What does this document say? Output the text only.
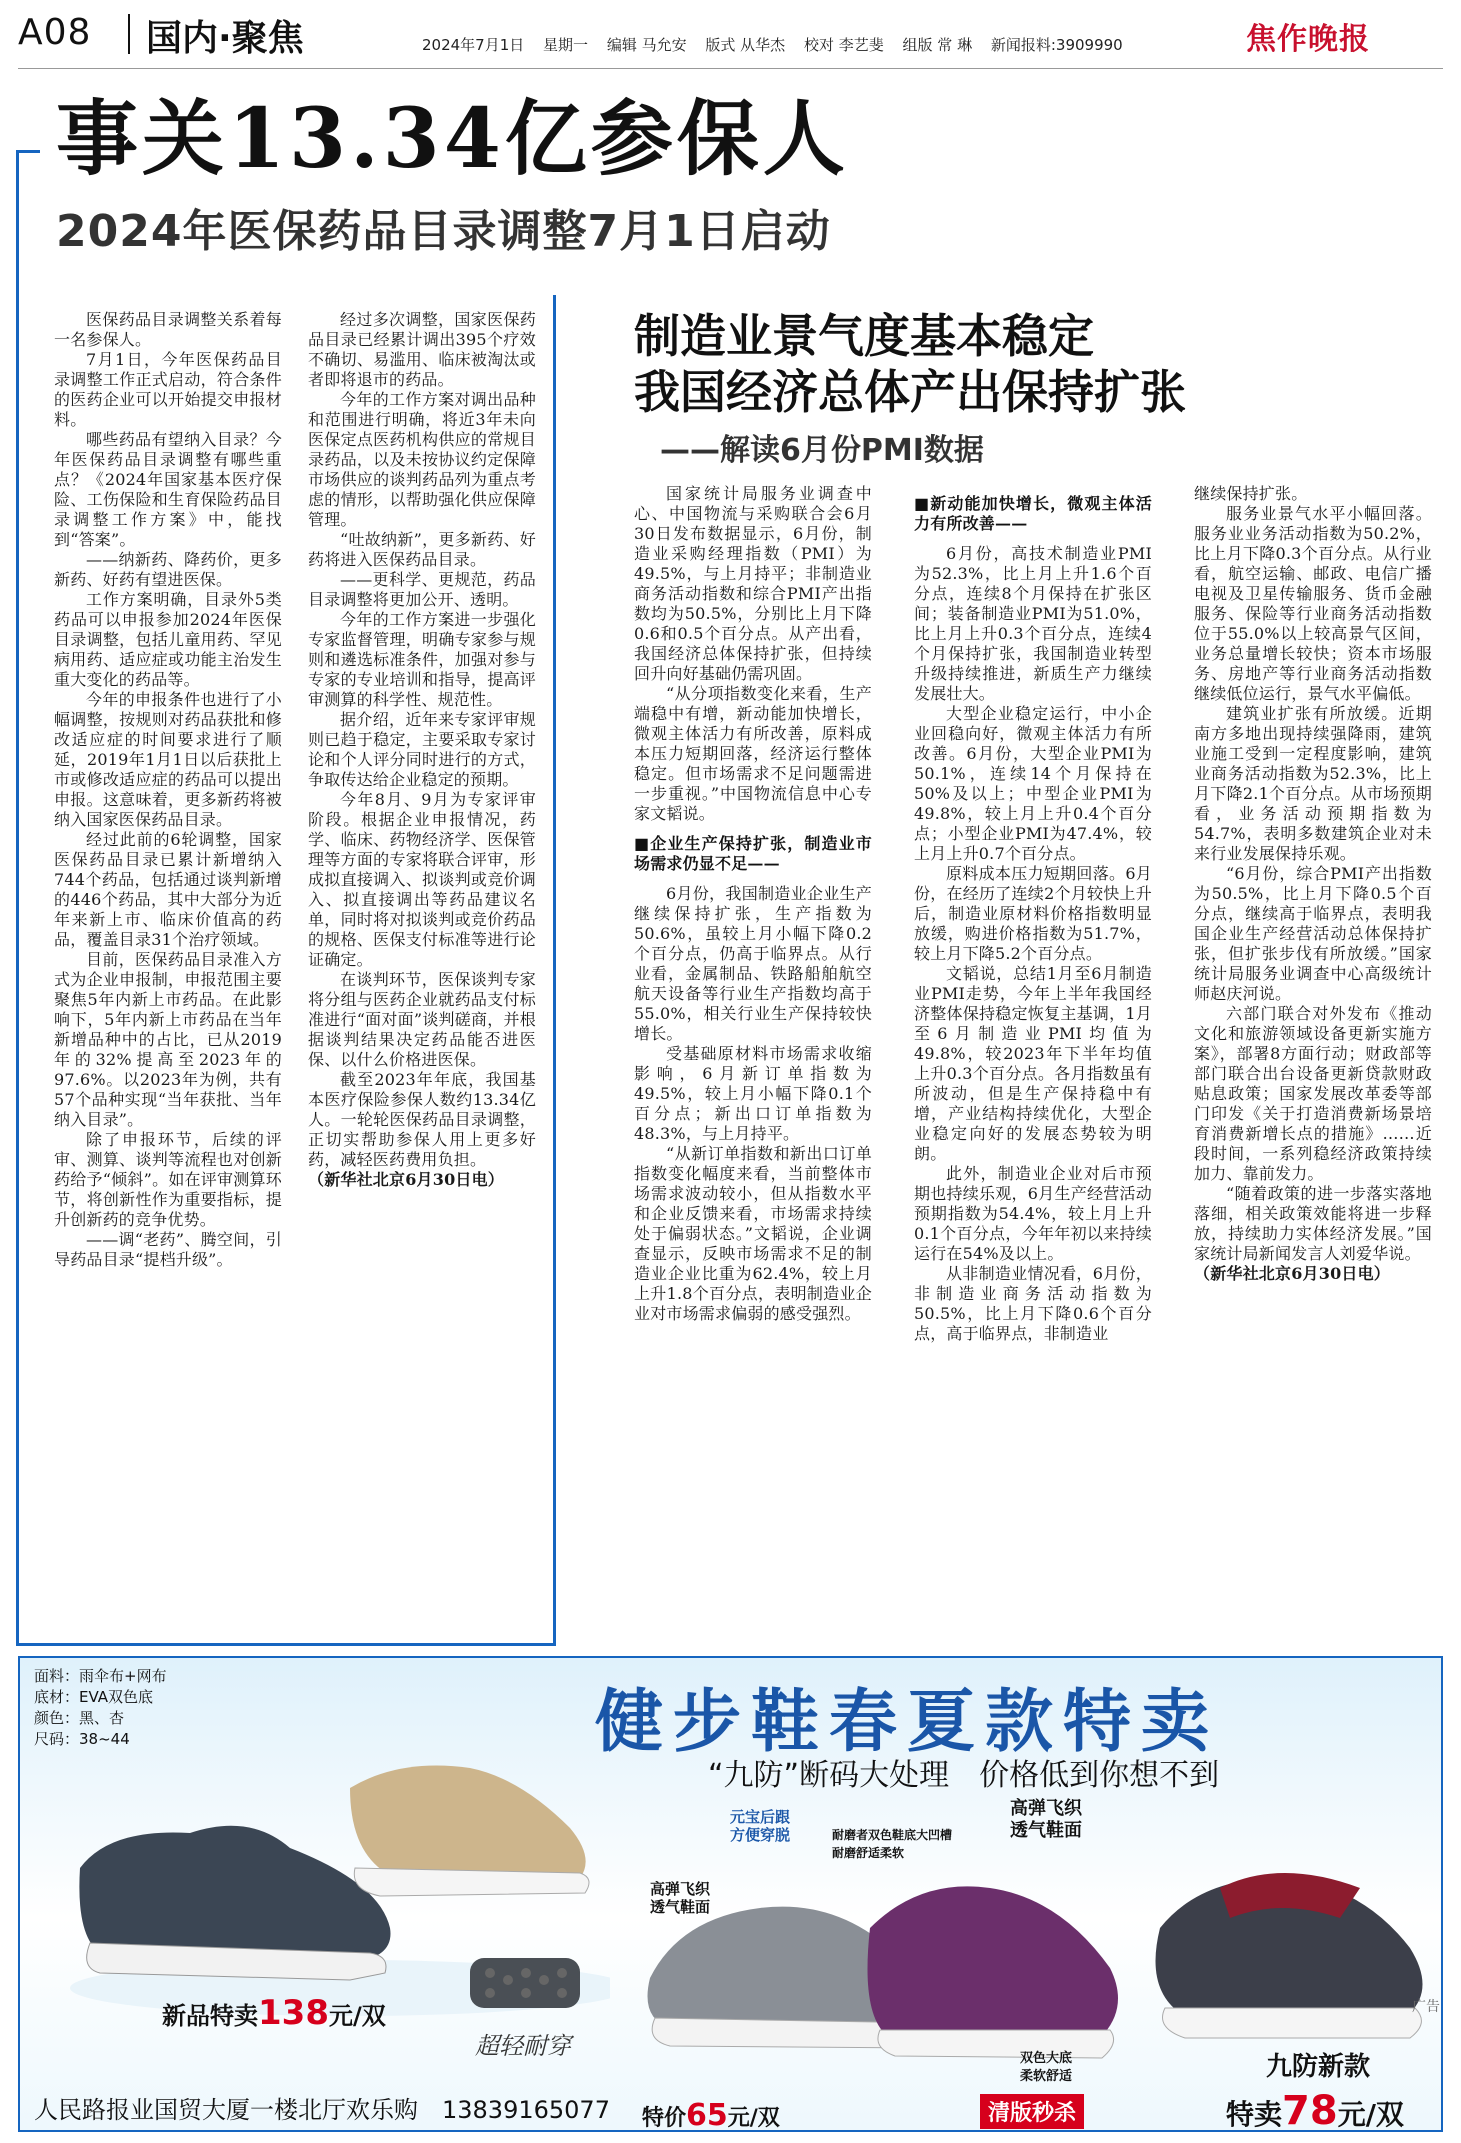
A08 国内·聚焦	2024年7月1日 星期一 编辑 马允安 版式 从华杰 校对 李艺斐 组版 常 琳 新闻报料:3909990	焦作晚报
事关13.34亿参保人
2024年医保药品目录调整7月1日启动

医保药品目录调整关系着每一名参保人。

7月1日，今年医保药品目录调整工作正式启动，符合条件的医药企业可以开始提交申报材料。

哪些药品有望纳入目录？今年医保药品目录调整有哪些重点？《2024年国家基本医疗保险、工伤保险和生育保险药品目录调整工作方案》中，能找到“答案”。

——纳新药、降药价，更多新药、好药有望进医保。

工作方案明确，目录外5类药品可以申报参加2024年医保目录调整，包括儿童用药、罕见病用药、适应症或功能主治发生重大变化的药品等。

今年的申报条件也进行了小幅调整，按规则对药品获批和修改适应症的时间要求进行了顺延，2019年1月1日以后获批上市或修改适应症的药品可以提出申报。这意味着，更多新药将被纳入国家医保药品目录。

经过此前的6轮调整，国家医保药品目录已累计新增纳入744个药品，包括通过谈判新增的446个药品，其中大部分为近年来新上市、临床价值高的药品，覆盖目录31个治疗领域。

目前，医保药品目录准入方式为企业申报制，申报范围主要聚焦5年内新上市药品。在此影响下，5年内新上市药品在当年新增品种中的占比，已从2019年的32%提高至2023年的97.6%。以2023年为例，共有57个品种实现“当年获批、当年纳入目录”。

除了申报环节，后续的评审、测算、谈判等流程也对创新药给予“倾斜”。如在评审测算环节，将创新性作为重要指标，提升创新药的竞争优势。

——调“老药”、腾空间，引导药品目录“提档升级”。

经过多次调整，国家医保药品目录已经累计调出395个疗效不确切、易滥用、临床被淘汰或者即将退市的药品。

今年的工作方案对调出品种和范围进行明确，将近3年未向医保定点医药机构供应的常规目录药品，以及未按协议约定保障市场供应的谈判药品列为重点考虑的情形，以帮助强化供应保障管理。

“吐故纳新”，更多新药、好药将进入医保药品目录。

——更科学、更规范，药品目录调整将更加公开、透明。

今年的工作方案进一步强化专家监督管理，明确专家参与规则和遴选标准条件，加强对参与专家的专业培训和指导，提高评审测算的科学性、规范性。

据介绍，近年来专家评审规则已趋于稳定，主要采取专家讨论和个人评分同时进行的方式，争取传达给企业稳定的预期。

今年8月、9月为专家评审阶段。根据企业申报情况，药学、临床、药物经济学、医保管理等方面的专家将联合评审，形成拟直接调入、拟谈判或竞价调入、拟直接调出等药品建议名单，同时将对拟谈判或竞价药品的规格、医保支付标准等进行论证确定。

在谈判环节，医保谈判专家将分组与医药企业就药品支付标准进行“面对面”谈判磋商，并根据谈判结果决定药品能否进医保、以什么价格进医保。

截至2023年年底，我国基本医疗保险参保人数约13.34亿人。一轮轮医保药品目录调整，正切实帮助参保人用上更多好药，减轻医药费用负担。

（新华社北京6月30日电）

制造业景气度基本稳定
我国经济总体产出保持扩张
——解读6月份PMI数据

国家统计局服务业调查中心、中国物流与采购联合会6月30日发布数据显示，6月份，制造业采购经理指数（PMI）为49.5%，与上月持平；非制造业商务活动指数和综合PMI产出指数均为50.5%，分别比上月下降0.6和0.5个百分点。从产出看，我国经济总体保持扩张，但持续回升向好基础仍需巩固。

“从分项指数变化来看，生产端稳中有增，新动能加快增长，微观主体活力有所改善，原料成本压力短期回落，经济运行整体稳定。但市场需求不足问题需进一步重视。”中国物流信息中心专家文韬说。

■企业生产保持扩张，制造业市场需求仍显不足——

6月份，我国制造业企业生产继续保持扩张，生产指数为50.6%，虽较上月小幅下降0.2个百分点，仍高于临界点。从行业看，金属制品、铁路船舶航空航天设备等行业生产指数均高于55.0%，相关行业生产保持较快增长。

受基础原材料市场需求收缩影响，6月新订单指数为49.5%，较上月小幅下降0.1个百分点；新出口订单指数为48.3%，与上月持平。

“从新订单指数和新出口订单指数变化幅度来看，当前整体市场需求波动较小，但从指数水平和企业反馈来看，市场需求持续处于偏弱状态。”文韬说，企业调查显示，反映市场需求不足的制造业企业比重为62.4%，较上月上升1.8个百分点，表明制造业企业对市场需求偏弱的感受强烈。

■新动能加快增长，微观主体活力有所改善——

6月份，高技术制造业PMI为52.3%，比上月上升1.6个百分点，连续8个月保持在扩张区间；装备制造业PMI为51.0%，比上月上升0.3个百分点，连续4个月保持扩张，我国制造业转型升级持续推进，新质生产力继续发展壮大。

大型企业稳定运行，中小企业回稳向好，微观主体活力有所改善。6月份，大型企业PMI为50.1%，连续14个月保持在50%及以上；中型企业PMI为49.8%，较上月上升0.4个百分点；小型企业PMI为47.4%，较上月上升0.7个百分点。

原料成本压力短期回落。6月份，在经历了连续2个月较快上升后，制造业原材料价格指数明显放缓，购进价格指数为51.7%，较上月下降5.2个百分点。

文韬说，总结1月至6月制造业PMI走势，今年上半年我国经济整体保持稳定恢复主基调，1月至6月制造业PMI均值为49.8%，较2023年下半年均值上升0.3个百分点。各月指数虽有所波动，但是生产保持稳中有增，产业结构持续优化，大型企业稳定向好的发展态势较为明朗。

此外，制造业企业对后市预期也持续乐观，6月生产经营活动预期指数为54.4%，较上月上升0.1个百分点，今年年初以来持续运行在54%及以上。

从非制造业情况看，6月份，非制造业商务活动指数为50.5%，比上月下降0.6个百分点，高于临界点，非制造业

继续保持扩张。

服务业景气水平小幅回落。服务业业务活动指数为50.2%，比上月下降0.3个百分点。从行业看，航空运输、邮政、电信广播电视及卫星传输服务、货币金融服务、保险等行业商务活动指数位于55.0%以上较高景气区间，业务总量增长较快；资本市场服务、房地产等行业商务活动指数继续低位运行，景气水平偏低。

建筑业扩张有所放缓。近期南方多地出现持续强降雨，建筑业施工受到一定程度影响，建筑业商务活动指数为52.3%，比上月下降2.1个百分点。从市场预期看，业务活动预期指数为54.7%，表明多数建筑企业对未来行业发展保持乐观。

“6月份，综合PMI产出指数为50.5%，比上月下降0.5个百分点，继续高于临界点，表明我国企业生产经营活动总体保持扩张，但扩张步伐有所放缓。”国家统计局服务业调查中心高级统计师赵庆河说。

六部门联合对外发布《推动文化和旅游领域设备更新实施方案》，部署8方面行动；财政部等部门联合出台设备更新贷款财政贴息政策；国家发展改革委等部门印发《关于打造消费新场景培育消费新增长点的措施》……近段时间，一系列稳经济政策持续加力、靠前发力。

“随着政策的进一步落实落地落细，相关政策效能将进一步释放，持续助力实体经济发展。”国家统计局新闻发言人刘爱华说。

（新华社北京6月30日电）

面料：雨伞布+网布
底材：EVA双色底
颜色：黑、杏
尺码：38~44	健步鞋春夏款特卖
“九防”断码大处理　价格低到你想不到
元宝后跟
方便穿脱	耐磨者双色鞋底大凹槽
耐磨舒适柔软
高弹飞织
透气鞋面
高弹飞织
透气鞋面
双色大底
柔软舒适
新品特卖138元/双
超轻耐穿
人民路报业国贸大厦一楼北厅欢乐购　13839165077 特价65元/双	清版秒杀
九防新款
特卖78元/双
广告
